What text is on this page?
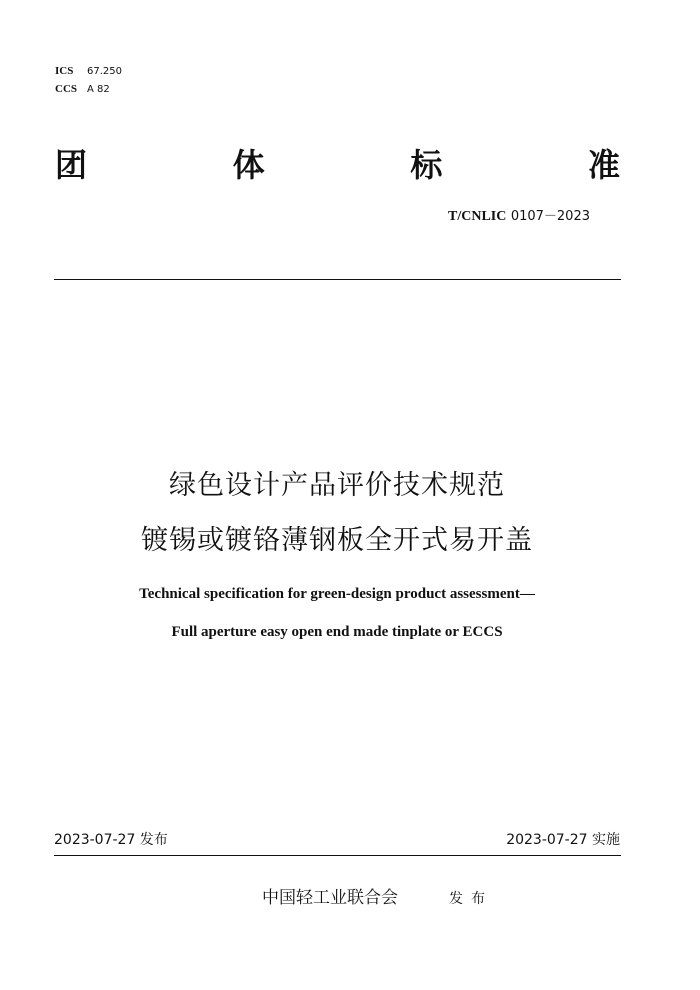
ICS 67.250
CCS A 82
团	体	标	准
T/CNLIC 0107－2023
绿色设计产品评价技术规范
镀锡或镀铬薄钢板全开式易开盖
Technical specification for green-design product assessment—
Full aperture easy open end made tinplate or ECCS
2023-07-27 发布	2023-07-27 实施
中国轻工业联合会	发布
